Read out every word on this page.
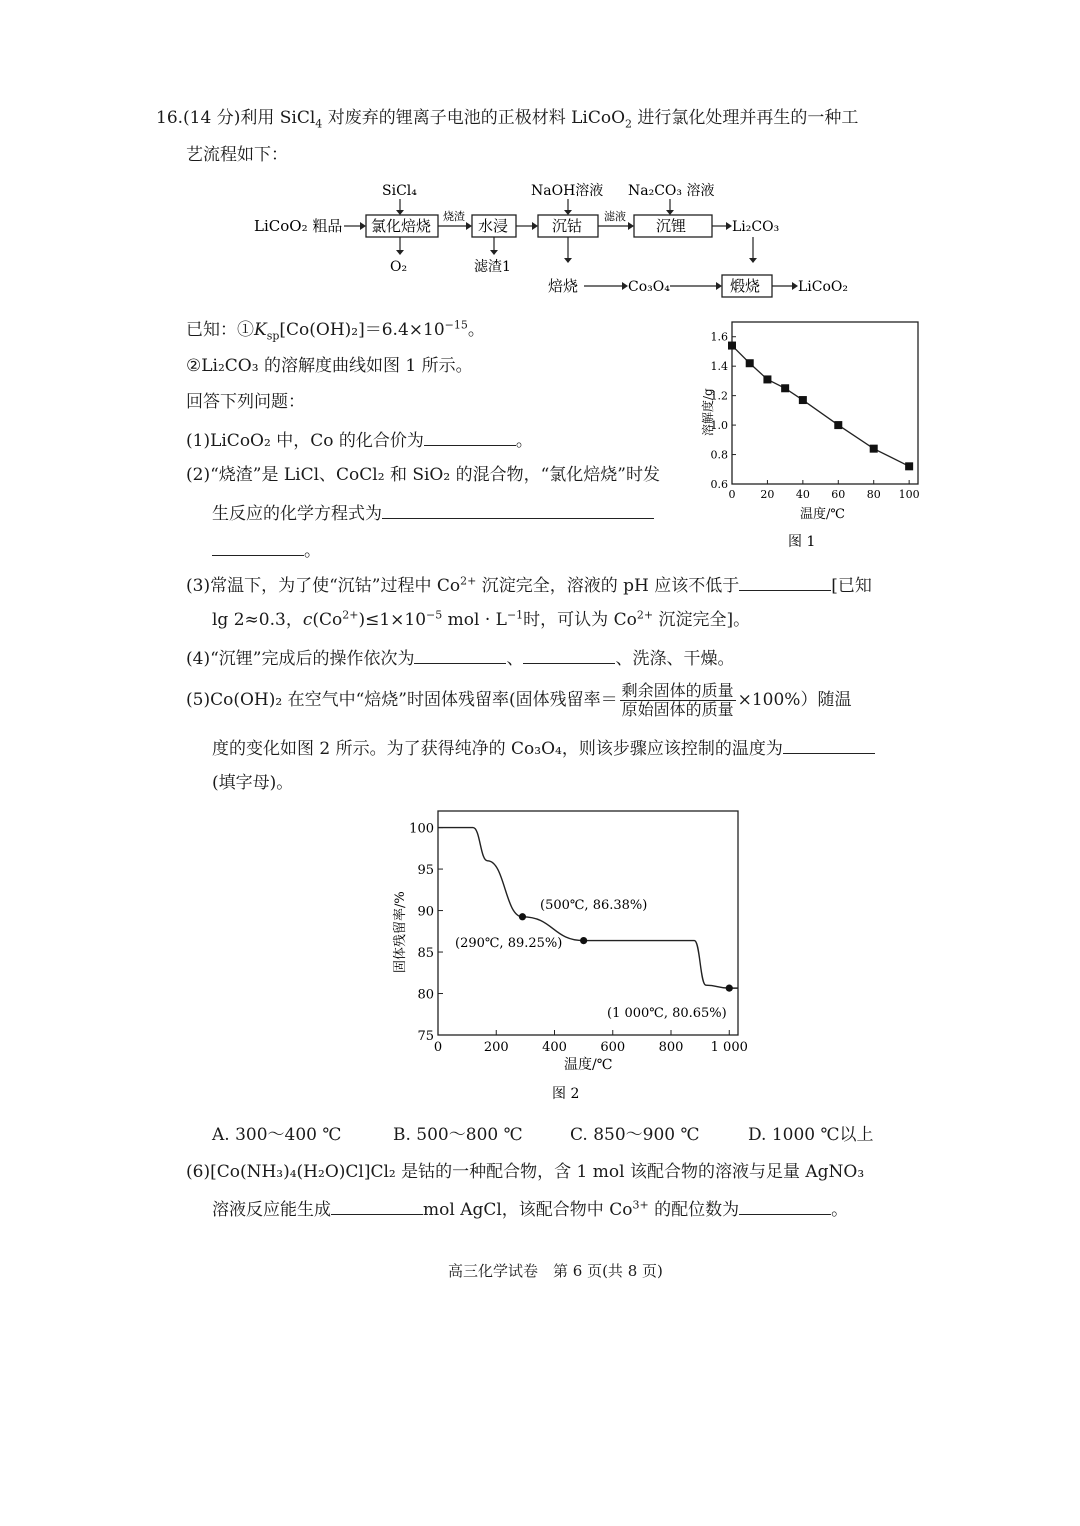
16.(14 分)利用 SiCl$_4$ 对废弃的锂离子电池的正极材料 LiCoO$_2$ 进行氯化处理并再生的一种工
艺流程如下：
LiCoO₂ 粗品 氯化焙烧
SiCl₄
O₂
烧渣
水浸
滤渣1
沉钴
NaOH溶液
滤液
沉锂
Na₂CO₃ 溶液
Li₂CO₃
焙烧	Co₃O₄	煅烧	LiCoO₂
已知：$①K_{sp}[Co(OH)_2]=6.4\times 10^{-15}$。
②Li₂CO₃ 的溶解度曲线如图 1 所示。
回答下列问题：
(1)LiCoO₂ 中，Co 的化合价为	。
(2)“烧渣”是 LiCl、CoCl₂ 和 SiO₂ 的混合物，“氯化焙烧”时发
生反应的化学方程式为
。
0 20 40 60 80 100
0.6
0.8
1.0
1.2
1.4
1.6
溶解度/g
温度/℃
图 1
(3)常温下，为了使“沉钴”过程中 $Co^{2+}$ 沉淀完全，溶液的 pH 应该不低于	[已知
lg 2≈0.3，$c(Co^{2+})\le 1\times 10^{-5}$ mol · $L^{-1}$时，可认为 $Co^{2+}$ 沉淀完全]。
(4)“沉锂”完成后的操作依次为	、	、洗涤、干燥。
(5)Co(OH)₂ 在空气中“焙烧”时固体残留率(固体残留率＝ $\frac{\text{剩余固体的质量}}{\text{原始固体的质量}} \times 100\%$）随温
度的变化如图 2 所示。为了获得纯净的 Co₃O₄，则该步骤应该控制的温度为
(填字母)。
0	200	400	600	800 1 000
75
80
85
90
95
100
(290℃, 89.25%)
(500℃, 86.38%)
(1 000℃, 80.65%)
固体残留率/%
温度/℃
图 2
A. 300～400 ℃	B. 500～800 ℃	C. 850～900 ℃	D. 1000 ℃以上
(6)[Co(NH₃)₄(H₂O)Cl]Cl₂ 是钴的一种配合物，含 1 mol 该配合物的溶液与足量 AgNO₃
溶液反应能生成	mol AgCl，该配合物中 $Co^{3+}$ 的配位数为	。
高三化学试卷　第 6 页(共 8 页)
